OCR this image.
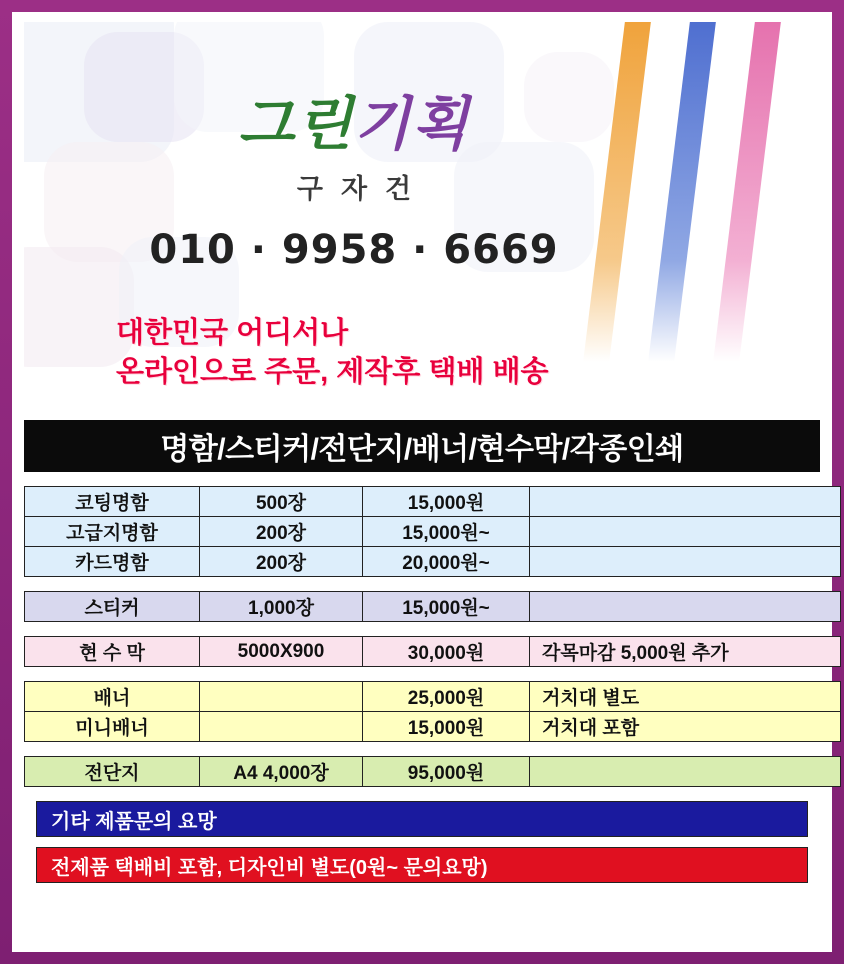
그린기획
구자건
010 · 9958 · 6669
대한민국 어디서나
온라인으로 주문, 제작후 택배 배송
명함/스티커/전단지/배너/현수막/각종인쇄
코팅명함	500장	15,000원	
고급지명함	200장	15,000원~	
카드명함	200장	20,000원~	
스티커	1,000장	15,000원~	
현 수 막	5000X900	30,000원	각목마감 5,000원 추가
배너		25,000원	거치대 별도
미니배너		15,000원	거치대 포함
전단지	A4 4,000장	95,000원	
기타 제품문의 요망
전제품 택배비 포함, 디자인비 별도(0원~ 문의요망)
